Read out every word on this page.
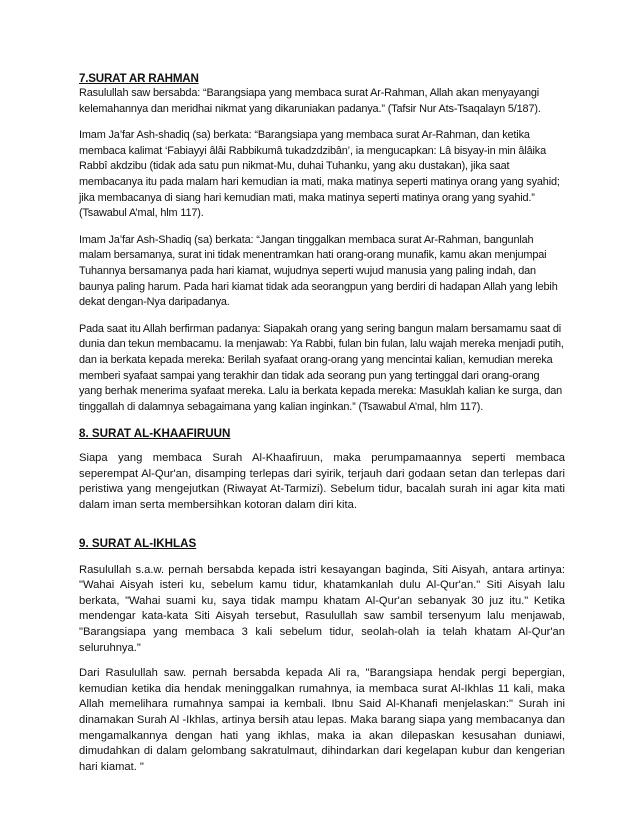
7.SURAT AR RAHMAN

Rasulullah saw bersabda: “Barangsiapa yang membaca surat Ar-Rahman, Allah akan menyayangi kelemahannya dan meridhai nikmat yang dikaruniakan padanya.” (Tafsir Nur Ats-Tsaqalayn 5/187).

Imam Ja’far Ash-shadiq (sa) berkata: “Barangsiapa yang membaca surat Ar-Rahman, dan ketika membaca kalimat ‘Fabiayyi âlâi Rabbikumâ tukadzdzibân’, ia mengucapkan: Lâ bisyay-in min âlâika Rabbî akdzibu (tidak ada satu pun nikmat-Mu, duhai Tuhanku, yang aku dustakan), jika saat membacanya itu pada malam hari kemudian ia mati, maka matinya seperti matinya orang yang syahid; jika membacanya di siang hari kemudian mati, maka matinya seperti matinya orang yang syahid.” (Tsawabul A’mal, hlm 117).

Imam Ja’far Ash-Shadiq (sa) berkata: “Jangan tinggalkan membaca surat Ar-Rahman, bangunlah malam bersamanya, surat ini tidak menentramkan hati orang-orang munafik, kamu akan menjumpai Tuhannya bersamanya pada hari kiamat, wujudnya seperti wujud manusia yang paling indah, dan baunya paling harum. Pada hari kiamat tidak ada seorangpun yang berdiri di hadapan Allah yang lebih dekat dengan-Nya daripadanya.

Pada saat itu Allah berfirman padanya: Siapakah orang yang sering bangun malam bersamamu saat di dunia dan tekun membacamu. Ia menjawab: Ya Rabbi, fulan bin fulan, lalu wajah mereka menjadi putih, dan ia berkata kepada mereka: Berilah syafaat orang-orang yang mencintai kalian, kemudian mereka memberi syafaat sampai yang terakhir dan tidak ada seorang pun yang tertinggal dari orang-orang yang berhak menerima syafaat mereka. Lalu ia berkata kepada mereka: Masuklah kalian ke surga, dan tinggallah di dalamnya sebagaimana yang kalian inginkan.” (Tsawabul A’mal, hlm 117).

8. SURAT AL-KHAAFIRUUN

Siapa yang membaca Surah Al-Khaafiruun, maka perumpamaannya seperti membaca seperempat Al-Qur'an, disamping terlepas dari syirik, terjauh dari godaan setan dan terlepas dari peristiwa yang mengejutkan (Riwayat At-Tarmizi). Sebelum tidur, bacalah surah ini agar kita mati dalam iman serta membersihkan kotoran dalam diri kita.

9. SURAT AL-IKHLAS

Rasulullah s.a.w. pernah bersabda kepada istri kesayangan baginda, Siti Aisyah, antara artinya: "Wahai Aisyah isteri ku, sebelum kamu tidur, khatamkanlah dulu Al-Qur'an." Siti Aisyah lalu berkata, "Wahai suami ku, saya tidak mampu khatam Al-Qur'an sebanyak 30 juz itu." Ketika mendengar kata-kata Siti Aisyah tersebut, Rasulullah saw sambil tersenyum lalu menjawab, "Barangsiapa yang membaca 3 kali sebelum tidur, seolah-olah ia telah khatam Al-Qur'an seluruhnya."

Dari Rasulullah saw. pernah bersabda kepada Ali ra, "Barangsiapa hendak pergi bepergian, kemudian ketika dia hendak meninggalkan rumahnya, ia membaca surat Al-Ikhlas 11 kali, maka Allah memelihara rumahnya sampai ia kembali. Ibnu Said Al-Khanafi menjelaskan:" Surah ini dinamakan Surah Al -Ikhlas, artinya bersih atau lepas. Maka barang siapa yang membacanya dan mengamalkannya dengan hati yang ikhlas, maka ia akan dilepaskan kesusahan duniawi, dimudahkan di dalam gelombang sakratulmaut, dihindarkan dari kegelapan kubur dan kengerian hari kiamat. "
